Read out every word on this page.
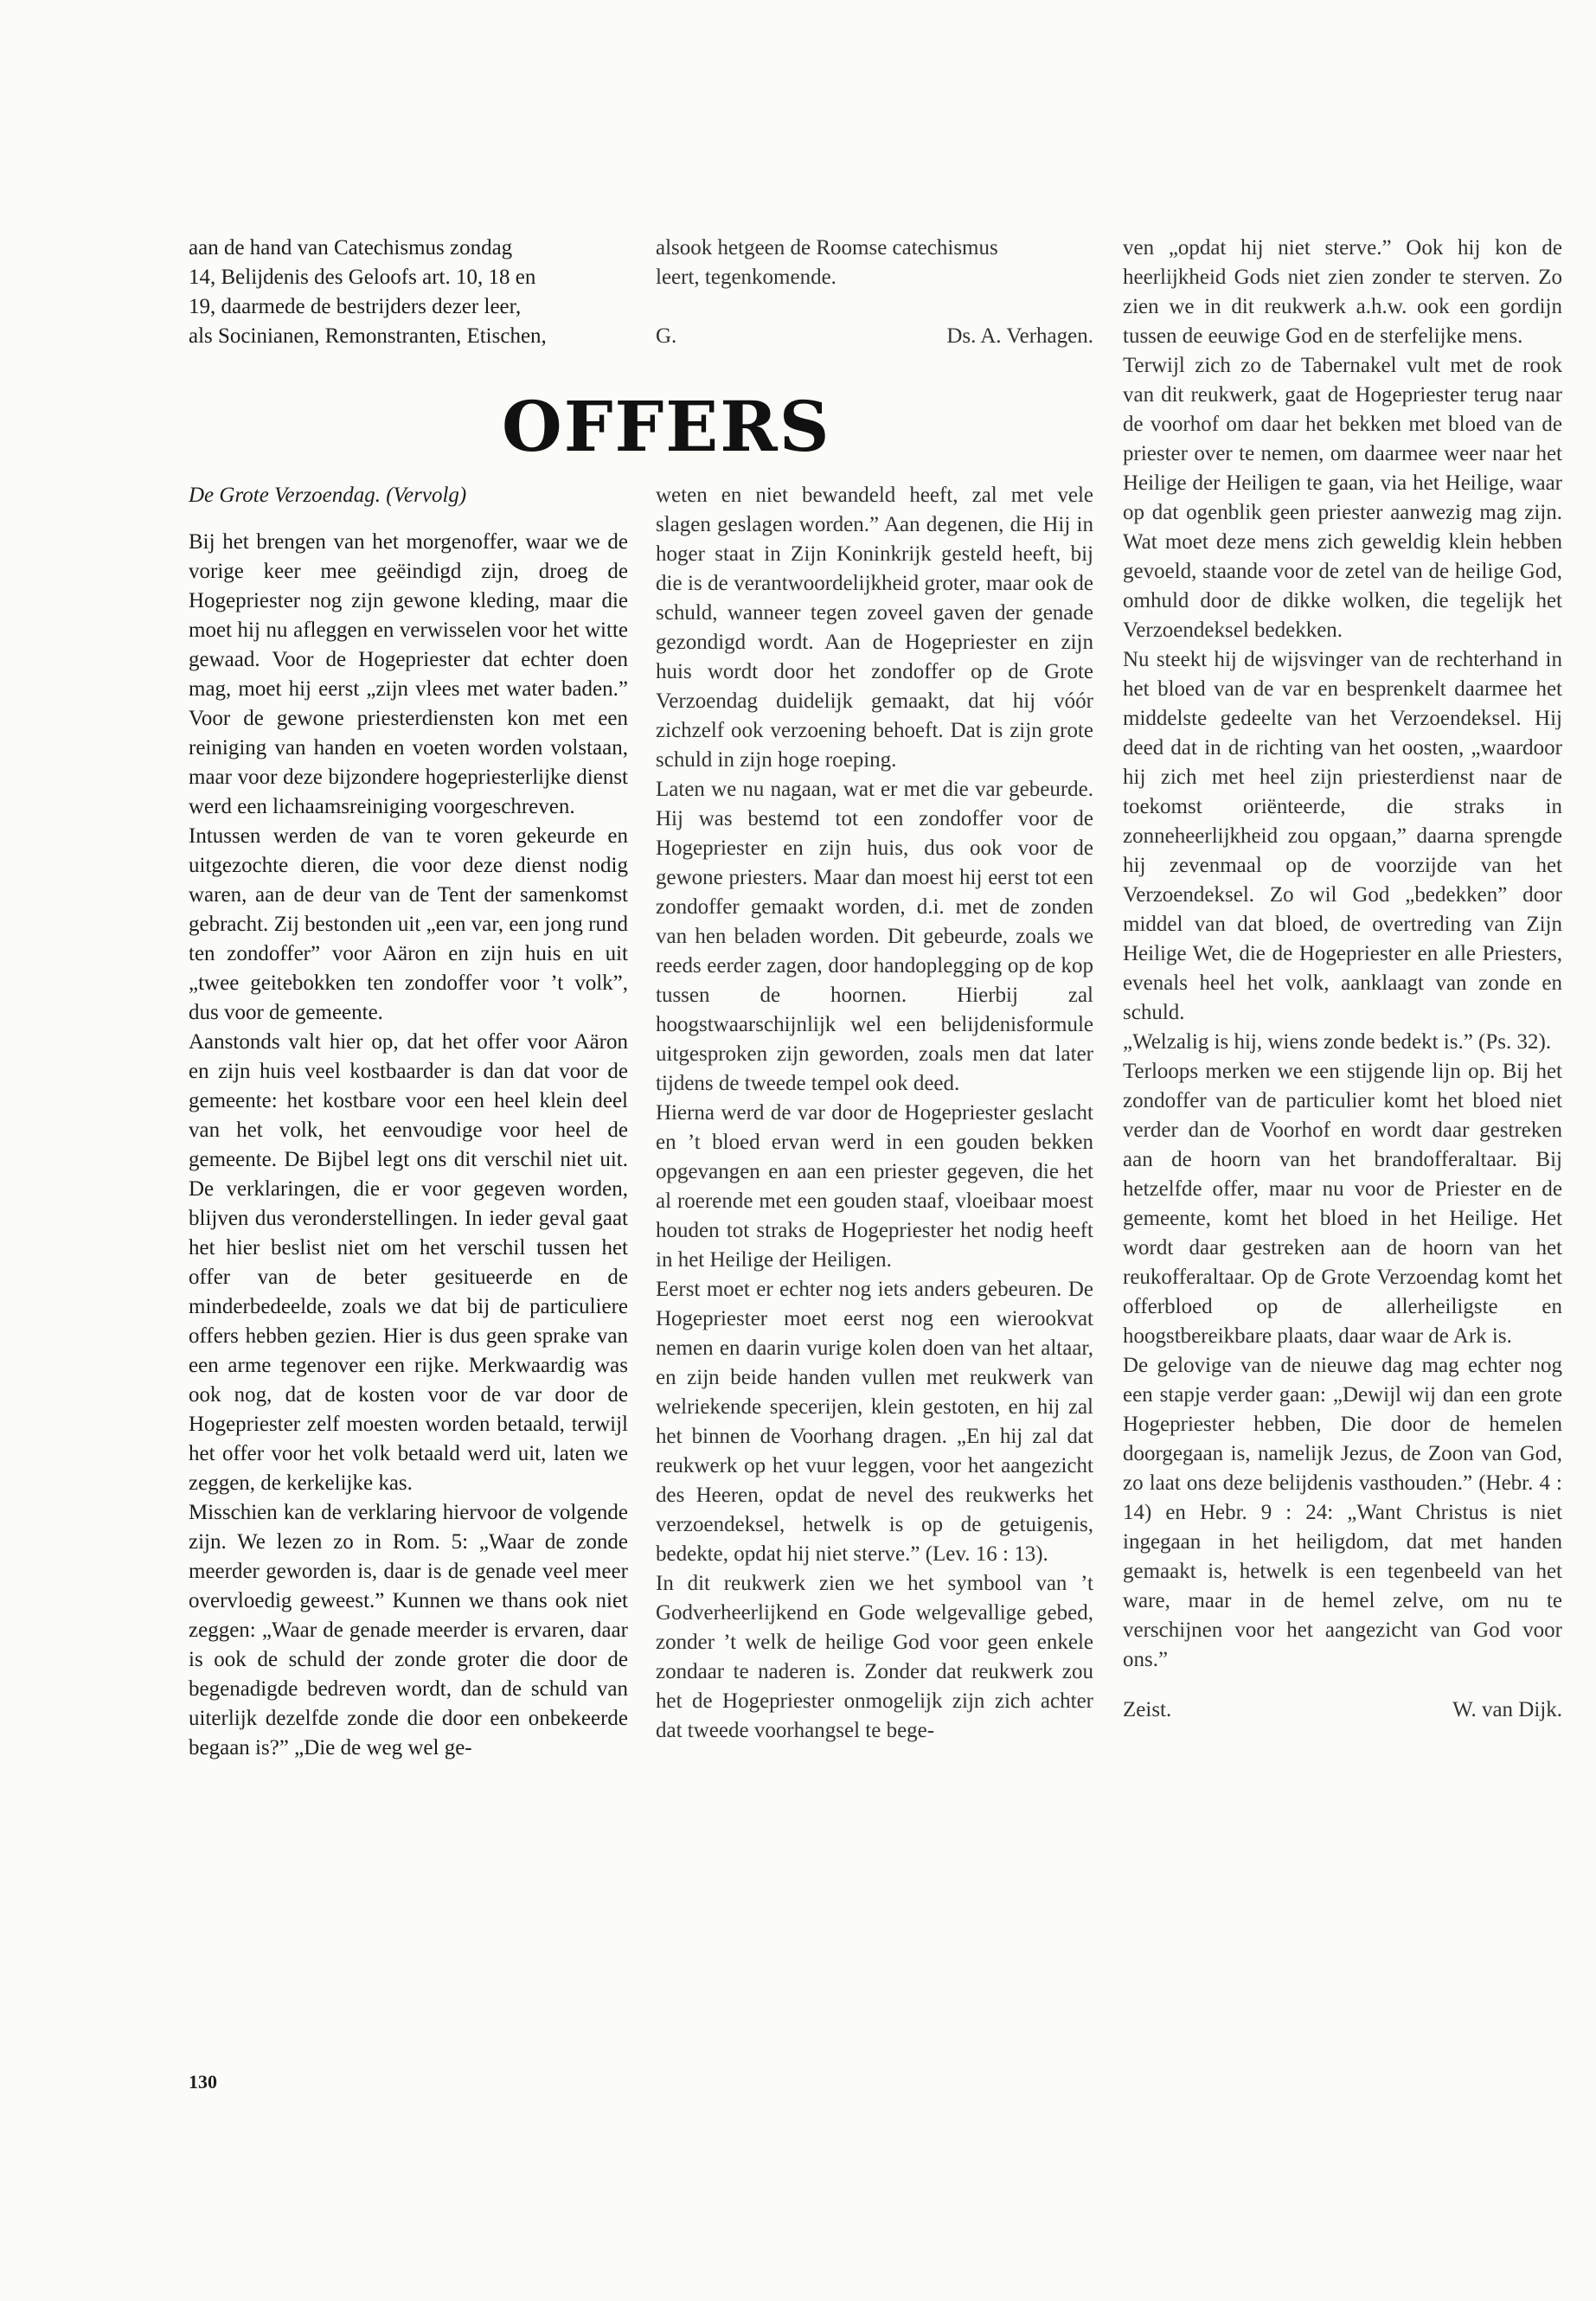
aan de hand van Catechismus zondag
14, Belijdenis des Geloofs art. 10, 18 en
19, daarmede de bestrijders dezer leer,
als Socinianen, Remonstranten, Etischen,
alsook hetgeen de Roomse catechismus
leert, tegenkomende.
G.	Ds. A. Verhagen.
OFFERS

De Grote Verzoendag. (Vervolg)

Bij het brengen van het morgenoffer, waar we de vorige keer mee geëindigd zijn, droeg de Hogepriester nog zijn gewone kleding, maar die moet hij nu afleggen en verwisselen voor het witte gewaad. Voor de Hogepriester dat echter doen mag, moet hij eerst „zijn vlees met water baden.” Voor de gewone priesterdiensten kon met een reiniging van handen en voeten worden volstaan, maar voor deze bijzondere hogepriesterlijke dienst werd een lichaamsreiniging voorgeschreven.

Intussen werden de van te voren gekeurde en uitgezochte dieren, die voor deze dienst nodig waren, aan de deur van de Tent der samenkomst gebracht. Zij bestonden uit „een var, een jong rund ten zondoffer” voor Aäron en zijn huis en uit „twee geitebokken ten zondoffer voor ’t volk”, dus voor de gemeente.

Aanstonds valt hier op, dat het offer voor Aäron en zijn huis veel kostbaarder is dan dat voor de gemeente: het kostbare voor een heel klein deel van het volk, het eenvoudige voor heel de gemeente. De Bijbel legt ons dit verschil niet uit. De verklaringen, die er voor gegeven worden, blijven dus veronderstellingen. In ieder geval gaat het hier beslist niet om het verschil tussen het offer van de beter gesitueerde en de minderbedeelde, zoals we dat bij de particuliere offers hebben gezien. Hier is dus geen sprake van een arme tegenover een rijke. Merkwaardig was ook nog, dat de kosten voor de var door de Hogepriester zelf moesten worden betaald, terwijl het offer voor het volk betaald werd uit, laten we zeggen, de kerkelijke kas.

Misschien kan de verklaring hiervoor de volgende zijn. We lezen zo in Rom. 5: „Waar de zonde meerder geworden is, daar is de genade veel meer overvloedig geweest.” Kunnen we thans ook niet zeggen: „Waar de genade meerder is ervaren, daar is ook de schuld der zonde groter die door de begenadigde bedreven wordt, dan de schuld van uiterlijk dezelfde zonde die door een onbekeerde begaan is?” „Die de weg wel ge-

weten en niet bewandeld heeft, zal met vele slagen geslagen worden.” Aan degenen, die Hij in hoger staat in Zijn Koninkrijk gesteld heeft, bij die is de verantwoordelijkheid groter, maar ook de schuld, wanneer tegen zoveel gaven der genade gezondigd wordt. Aan de Hogepriester en zijn huis wordt door het zondoffer op de Grote Verzoendag duidelijk gemaakt, dat hij vóór zichzelf ook verzoening behoeft. Dat is zijn grote schuld in zijn hoge roeping.

Laten we nu nagaan, wat er met die var gebeurde. Hij was bestemd tot een zondoffer voor de Hogepriester en zijn huis, dus ook voor de gewone priesters. Maar dan moest hij eerst tot een zondoffer gemaakt worden, d.i. met de zonden van hen beladen worden. Dit gebeurde, zoals we reeds eerder zagen, door handoplegging op de kop tussen de hoornen. Hierbij zal hoogstwaarschijnlijk wel een belijdenisformule uitgesproken zijn geworden, zoals men dat later tijdens de tweede tempel ook deed.

Hierna werd de var door de Hogepriester geslacht en ’t bloed ervan werd in een gouden bekken opgevangen en aan een priester gegeven, die het al roerende met een gouden staaf, vloeibaar moest houden tot straks de Hogepriester het nodig heeft in het Heilige der Heiligen.

Eerst moet er echter nog iets anders gebeuren. De Hogepriester moet eerst nog een wierookvat nemen en daarin vurige kolen doen van het altaar, en zijn beide handen vullen met reukwerk van welriekende specerijen, klein gestoten, en hij zal het binnen de Voorhang dragen. „En hij zal dat reukwerk op het vuur leggen, voor het aangezicht des Heeren, opdat de nevel des reukwerks het verzoendeksel, hetwelk is op de getuigenis, bedekte, opdat hij niet sterve.” (Lev. 16 : 13).

In dit reukwerk zien we het symbool van ’t Godverheerlijkend en Gode welgevallige gebed, zonder ’t welk de heilige God voor geen enkele zondaar te naderen is. Zonder dat reukwerk zou het de Hogepriester onmogelijk zijn zich achter dat tweede voorhangsel te bege-

ven „opdat hij niet sterve.” Ook hij kon de heerlijkheid Gods niet zien zonder te sterven. Zo zien we in dit reukwerk a.h.w. ook een gordijn tussen de eeuwige God en de sterfelijke mens.

Terwijl zich zo de Tabernakel vult met de rook van dit reukwerk, gaat de Hogepriester terug naar de voorhof om daar het bekken met bloed van de priester over te nemen, om daarmee weer naar het Heilige der Heiligen te gaan, via het Heilige, waar op dat ogenblik geen priester aanwezig mag zijn. Wat moet deze mens zich geweldig klein hebben gevoeld, staande voor de zetel van de heilige God, omhuld door de dikke wolken, die tegelijk het Verzoendeksel bedekken.

Nu steekt hij de wijsvinger van de rechterhand in het bloed van de var en besprenkelt daarmee het middelste gedeelte van het Verzoendeksel. Hij deed dat in de richting van het oosten, „waardoor hij zich met heel zijn priesterdienst naar de toekomst oriënteerde, die straks in zonneheerlijkheid zou opgaan,” daarna sprengde hij zevenmaal op de voorzijde van het Verzoendeksel. Zo wil God „bedekken” door middel van dat bloed, de overtreding van Zijn Heilige Wet, die de Hogepriester en alle Priesters, evenals heel het volk, aanklaagt van zonde en schuld.

„Welzalig is hij, wiens zonde bedekt is.” (Ps. 32).

Terloops merken we een stijgende lijn op. Bij het zondoffer van de particulier komt het bloed niet verder dan de Voorhof en wordt daar gestreken aan de hoorn van het brandofferaltaar. Bij hetzelfde offer, maar nu voor de Priester en de gemeente, komt het bloed in het Heilige. Het wordt daar gestreken aan de hoorn van het reukofferaltaar. Op de Grote Verzoendag komt het offerbloed op de allerheiligste en hoogstbereikbare plaats, daar waar de Ark is.

De gelovige van de nieuwe dag mag echter nog een stapje verder gaan: „Dewijl wij dan een grote Hogepriester hebben, Die door de hemelen doorgegaan is, namelijk Jezus, de Zoon van God, zo laat ons deze belijdenis vasthouden.” (Hebr. 4 : 14) en Hebr. 9 : 24: „Want Christus is niet ingegaan in het heiligdom, dat met handen gemaakt is, hetwelk is een tegenbeeld van het ware, maar in de hemel zelve, om nu te verschijnen voor het aangezicht van God voor ons.”

Zeist.	W. van Dijk.
130
